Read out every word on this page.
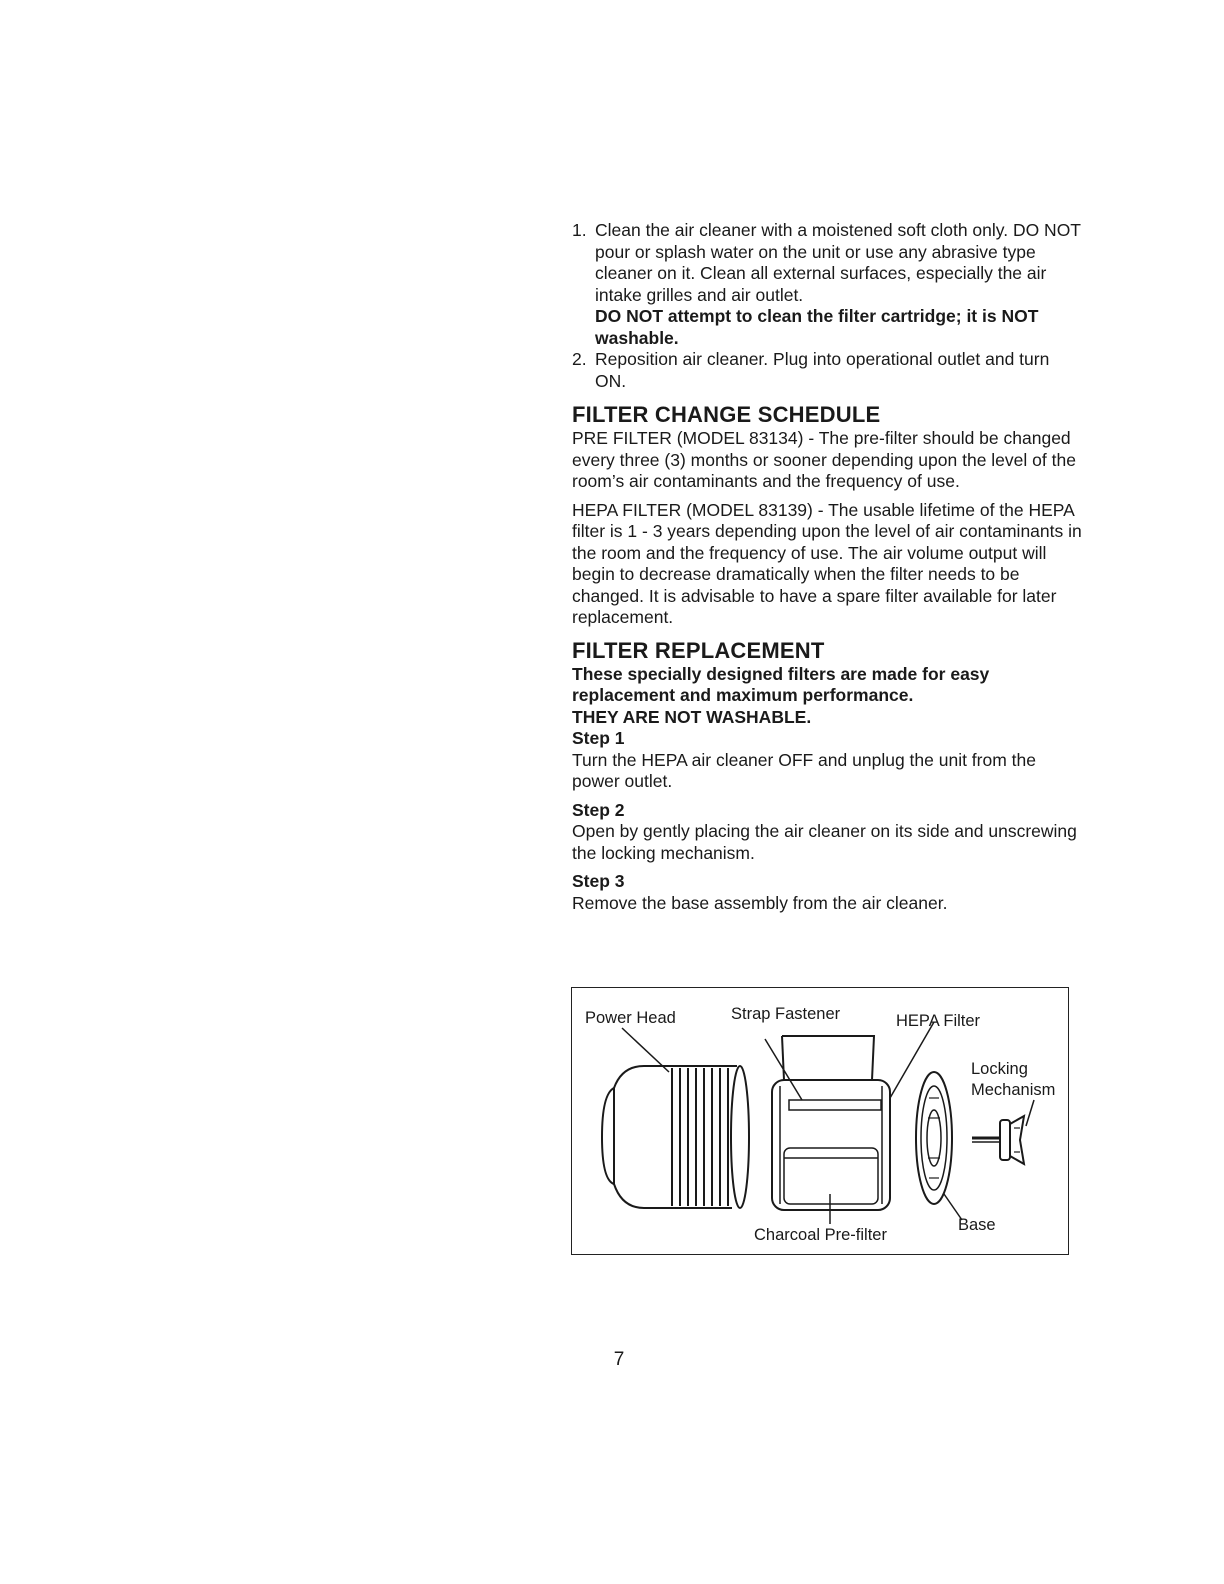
1. Clean the air cleaner with a moistened soft cloth only. DO NOT pour or splash water on the unit or use any abrasive type cleaner on it. Clean all external surfaces, especially the air intake grilles and air outlet.

DO NOT attempt to clean the filter cartridge; it is NOT washable.

2. Reposition air cleaner. Plug into operational outlet and turn ON.

FILTER CHANGE SCHEDULE

PRE FILTER (MODEL 83134) - The pre-filter should be changed every three (3) months or sooner depending upon the level of the room’s air contaminants and the frequency of use.

HEPA FILTER (MODEL 83139) - The usable lifetime of the HEPA filter is 1 - 3 years depending upon the level of air contaminants in the room and the frequency of use. The air volume output will begin to decrease dramatically when the filter needs to be changed. It is advisable to have a spare filter available for later replacement.

FILTER REPLACEMENT

These specially designed filters are made for easy replacement and maximum performance.

THEY ARE NOT WASHABLE.

Step 1

Turn the HEPA air cleaner OFF and unplug the unit from the power outlet.

Step 2

Open by gently placing the air cleaner on its side and unscrewing the locking mechanism.

Step 3

Remove the base assembly from the air cleaner.

Power Head	Strap Fastener	HEPA Filter
Locking
Mechanism
Charcoal Pre-filter
Base
7
